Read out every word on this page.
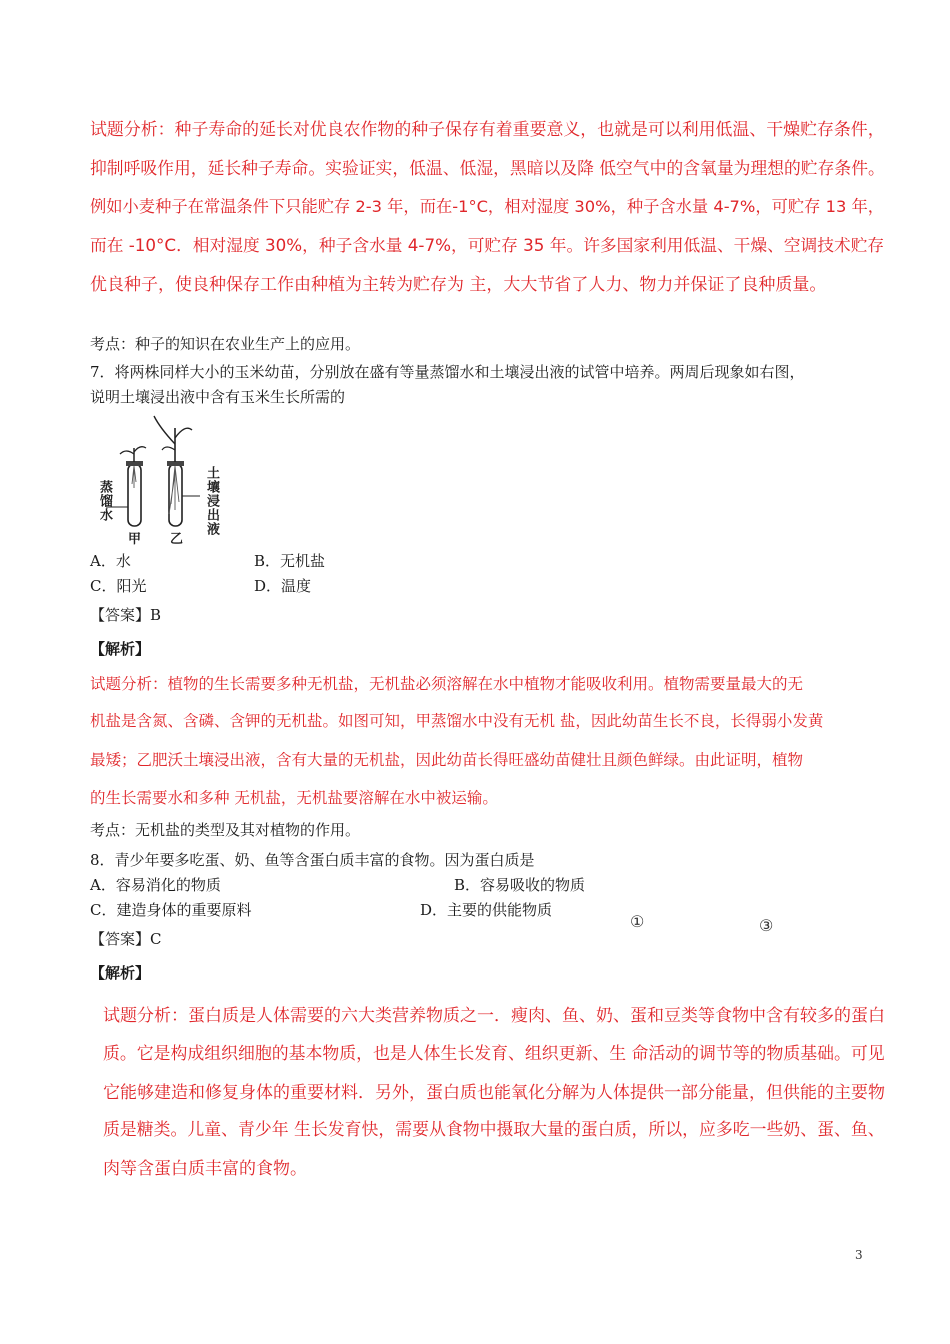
试题分析：种子寿命的延长对优良农作物的种子保存有着重要意义，也就是可以利用低温、干燥贮存条件，
抑制呼吸作用，延长种子寿命。实验证实，低温、低湿，黑暗以及降 低空气中的含氧量为理想的贮存条件。
例如小麦种子在常温条件下只能贮存 2-3 年，而在-1°C，相对湿度 30%，种子含水量 4-7%，可贮存 13 年，
而在 -10°C．相对湿度 30%，种子含水量 4-7%，可贮存 35 年。许多国家利用低温、干燥、空调技术贮存
优良种子，使良种保存工作由种植为主转为贮存为 主，大大节省了人力、物力并保证了良种质量。
考点：种子的知识在农业生产上的应用。
7．将两株同样大小的玉米幼苗，分别放在盛有等量蒸馏水和土壤浸出液的试管中培养。两周后现象如右图，
说明土壤浸出液中含有玉米生长所需的
蒸馏水	土壤浸出液
甲 乙
A．水	B．无机盐
C．阳光	D．温度
【答案】B
【解析】
试题分析：植物的生长需要多种无机盐，无机盐必须溶解在水中植物才能吸收利用。植物需要量最大的无
机盐是含氮、含磷、含钾的无机盐。如图可知，甲蒸馏水中没有无机 盐，因此幼苗生长不良，长得弱小发黄
最矮；乙肥沃土壤浸出液，含有大量的无机盐，因此幼苗长得旺盛幼苗健壮且颜色鲜绿。由此证明，植物
的生长需要水和多种 无机盐，无机盐要溶解在水中被运输。
考点：无机盐的类型及其对植物的作用。
8．青少年要多吃蛋、奶、鱼等含蛋白质丰富的食物。因为蛋白质是
A．容易消化的物质	B．容易吸收的物质
C．建造身体的重要原料	D．主要的供能物质
①	③
【答案】C
【解析】
试题分析：蛋白质是人体需要的六大类营养物质之一．瘦肉、鱼、奶、蛋和豆类等食物中含有较多的蛋白
质。它是构成组织细胞的基本物质，也是人体生长发育、组织更新、生 命活动的调节等的物质基础。可见
它能够建造和修复身体的重要材料．另外，蛋白质也能氧化分解为人体提供一部分能量，但供能的主要物
质是糖类。儿童、青少年 生长发育快，需要从食物中摄取大量的蛋白质，所以，应多吃一些奶、蛋、鱼、
肉等含蛋白质丰富的食物。
3
